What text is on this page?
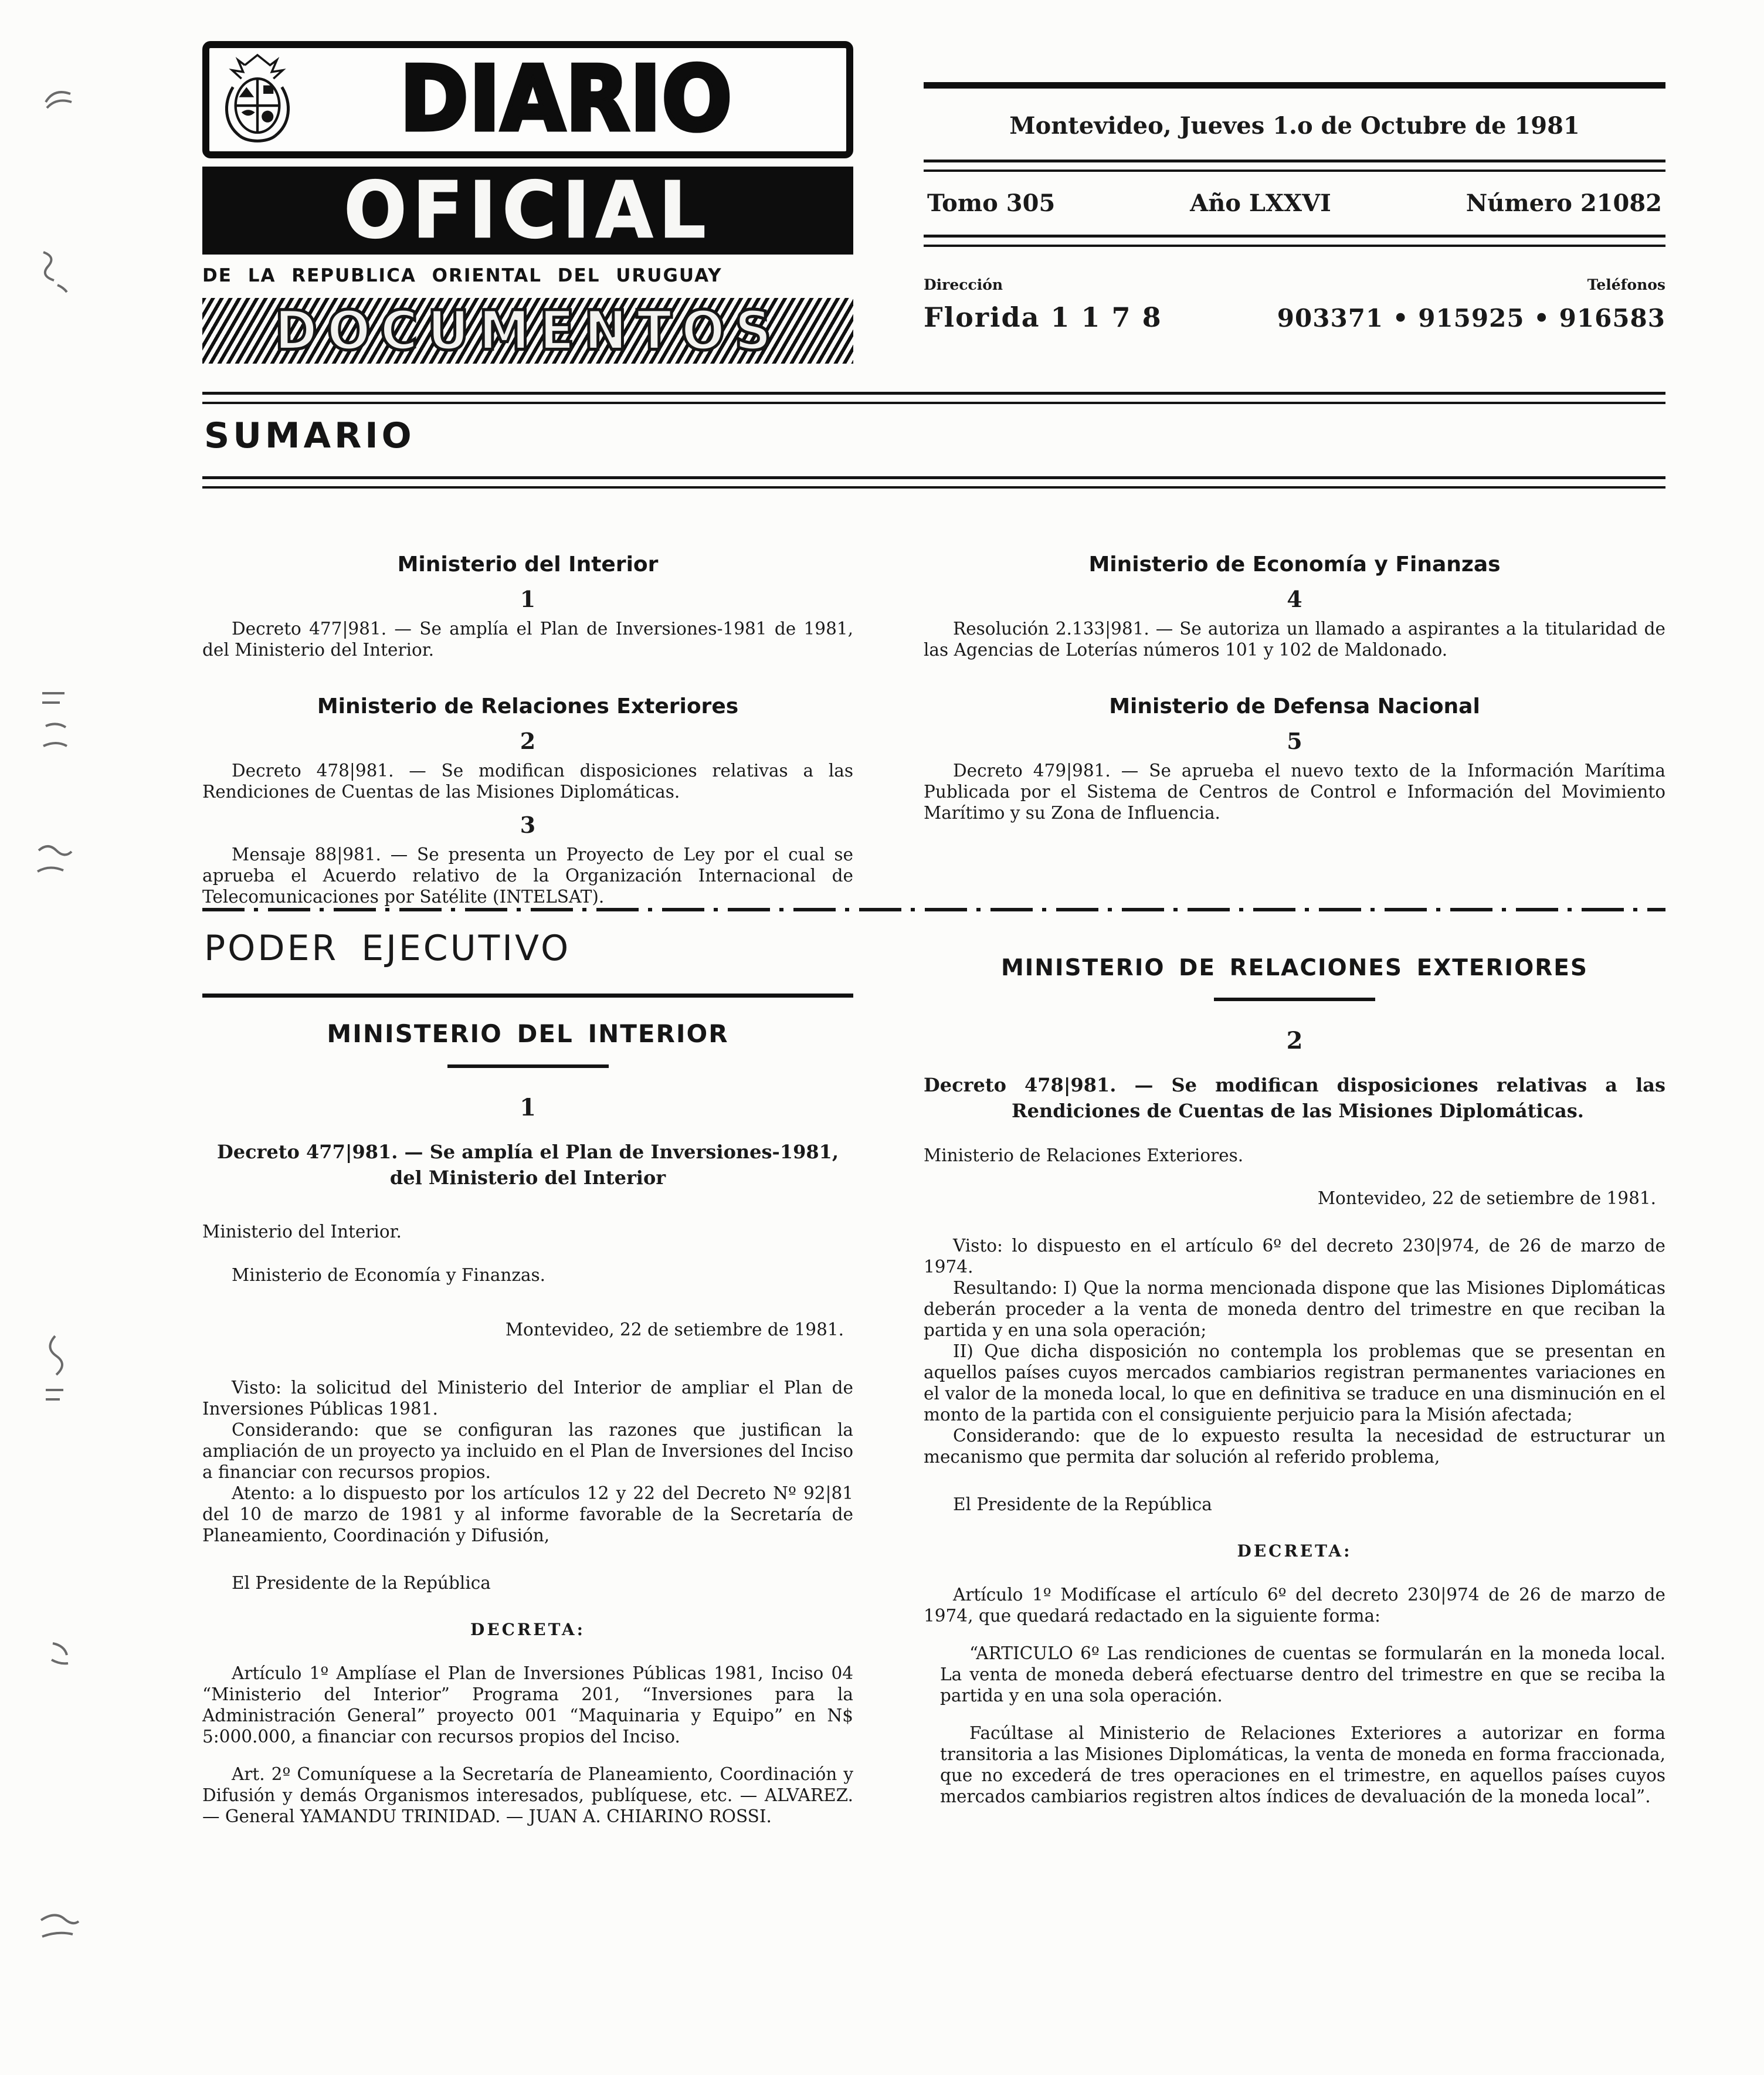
DIARIO
OFICIAL
DE LA REPUBLICA ORIENTAL DEL URUGUAY
DOCUMENTOS
Montevideo, Jueves 1.o de Octubre de 1981
Tomo 305	Año LXXVI	Número 21082
Dirección	Teléfonos
Florida 1 1 7 8	903371 • 915925 • 916583
SUMARIO
Ministerio del Interior
1

Decreto 477|981. — Se amplía el Plan de Inversiones-1981 de 1981, del Ministerio del Interior.

Ministerio de Relaciones Exteriores
2

Decreto 478|981. — Se modifican disposiciones relativas a las Rendiciones de Cuentas de las Misiones Diplomáticas.

3

Mensaje 88|981. — Se presenta un Proyecto de Ley por el cual se aprueba el Acuerdo relativo de la Organización Internacional de Telecomunicaciones por Satélite (INTELSAT).

Ministerio de Economía y Finanzas
4

Resolución 2.133|981. — Se autoriza un llamado a aspirantes a la titularidad de las Agencias de Loterías números 101 y 102 de Maldonado.

Ministerio de Defensa Nacional
5

Decreto 479|981. — Se aprueba el nuevo texto de la Información Marítima Publicada por el Sistema de Centros de Control e Información del Movimiento Marítimo y su Zona de Influencia.

PODER EJECUTIVO
MINISTERIO DEL INTERIOR
1
Decreto 477|981. — Se amplía el Plan de Inversiones-1981, del Ministerio del Interior

Ministerio del Interior.

Ministerio de Economía y Finanzas.

Montevideo, 22 de setiembre de 1981.

Visto: la solicitud del Ministerio del Interior de ampliar el Plan de Inversiones Públicas 1981.

Considerando: que se configuran las razones que justifican la ampliación de un proyecto ya incluido en el Plan de Inversiones del Inciso a financiar con recursos propios.

Atento: a lo dispuesto por los artículos 12 y 22 del Decreto Nº 92|81 del 10 de marzo de 1981 y al informe favorable de la Secretaría de Planeamiento, Coordinación y Difusión,

El Presidente de la República

DECRETA:

Artículo 1º Amplíase el Plan de Inversiones Públicas 1981, Inciso 04 “Ministerio del Interior” Programa 201, “Inversiones para la Administración General” proyecto 001 “Maquinaria y Equipo” en N$ 5:000.000, a financiar con recursos propios del Inciso.

Art. 2º Comuníquese a la Secretaría de Planeamiento, Coordinación y Difusión y demás Organismos interesados, publíquese, etc. — ALVAREZ. — General YAMANDU TRINIDAD. — JUAN A. CHIARINO ROSSI.

MINISTERIO DE RELACIONES EXTERIORES
2
Decreto 478|981. — Se modifican disposiciones relativas a las Rendiciones de Cuentas de las Misiones Diplomáticas.

Ministerio de Relaciones Exteriores.

Montevideo, 22 de setiembre de 1981.

Visto: lo dispuesto en el artículo 6º del decreto 230|974, de 26 de marzo de 1974.

Resultando: I) Que la norma mencionada dispone que las Misiones Diplomáticas deberán proceder a la venta de moneda dentro del trimestre en que reciban la partida y en una sola operación;

II) Que dicha disposición no contempla los problemas que se presentan en aquellos países cuyos mercados cambiarios registran permanentes variaciones en el valor de la moneda local, lo que en definitiva se traduce en una disminución en el monto de la partida con el consiguiente perjuicio para la Misión afectada;

Considerando: que de lo expuesto resulta la necesidad de estructurar un mecanismo que permita dar solución al referido problema,

El Presidente de la República

DECRETA:

Artículo 1º Modifícase el artículo 6º del decreto 230|974 de 26 de marzo de 1974, que quedará redactado en la siguiente forma:

“ARTICULO 6º Las rendiciones de cuentas se formularán en la moneda local. La venta de moneda deberá efectuarse dentro del trimestre en que se reciba la partida y en una sola operación.

Facúltase al Ministerio de Relaciones Exteriores a autorizar en forma transitoria a las Misiones Diplomáticas, la venta de moneda en forma fraccionada, que no excederá de tres operaciones en el trimestre, en aquellos países cuyos mercados cambiarios registren altos índices de devaluación de la moneda local”.
